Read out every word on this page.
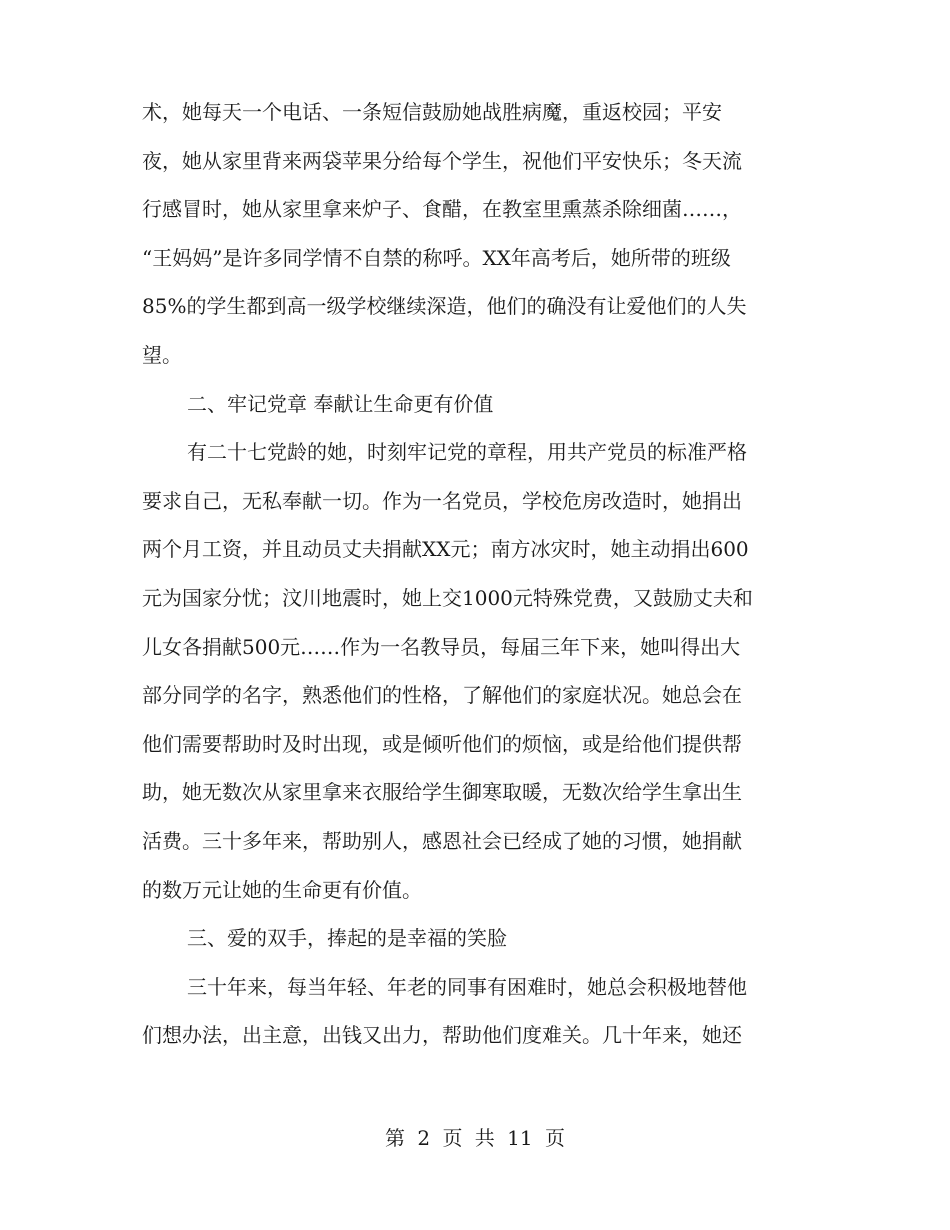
术，她每天一个电话、一条短信鼓励她战胜病魔，重返校园；平安
夜，她从家里背来两袋苹果分给每个学生，祝他们平安快乐；冬天流
行感冒时，她从家里拿来炉子、食醋，在教室里熏蒸杀除细菌……，
“王妈妈”是许多同学情不自禁的称呼。XX年高考后，她所带的班级
85%的学生都到高一级学校继续深造，他们的确没有让爱他们的人失
望。
二、牢记党章 奉献让生命更有价值
有二十七党龄的她，时刻牢记党的章程，用共产党员的标准严格
要求自己，无私奉献一切。作为一名党员，学校危房改造时，她捐出
两个月工资，并且动员丈夫捐献XX元；南方冰灾时，她主动捐出600
元为国家分忧；汶川地震时，她上交1000元特殊党费，又鼓励丈夫和
儿女各捐献500元……作为一名教导员，每届三年下来，她叫得出大
部分同学的名字，熟悉他们的性格，了解他们的家庭状况。她总会在
他们需要帮助时及时出现，或是倾听他们的烦恼，或是给他们提供帮
助，她无数次从家里拿来衣服给学生御寒取暖，无数次给学生拿出生
活费。三十多年来，帮助别人，感恩社会已经成了她的习惯，她捐献
的数万元让她的生命更有价值。
三、爱的双手，捧起的是幸福的笑脸
三十年来，每当年轻、年老的同事有困难时，她总会积极地替他
们想办法，出主意，出钱又出力，帮助他们度难关。几十年来，她还
第 2 页 共 11 页
